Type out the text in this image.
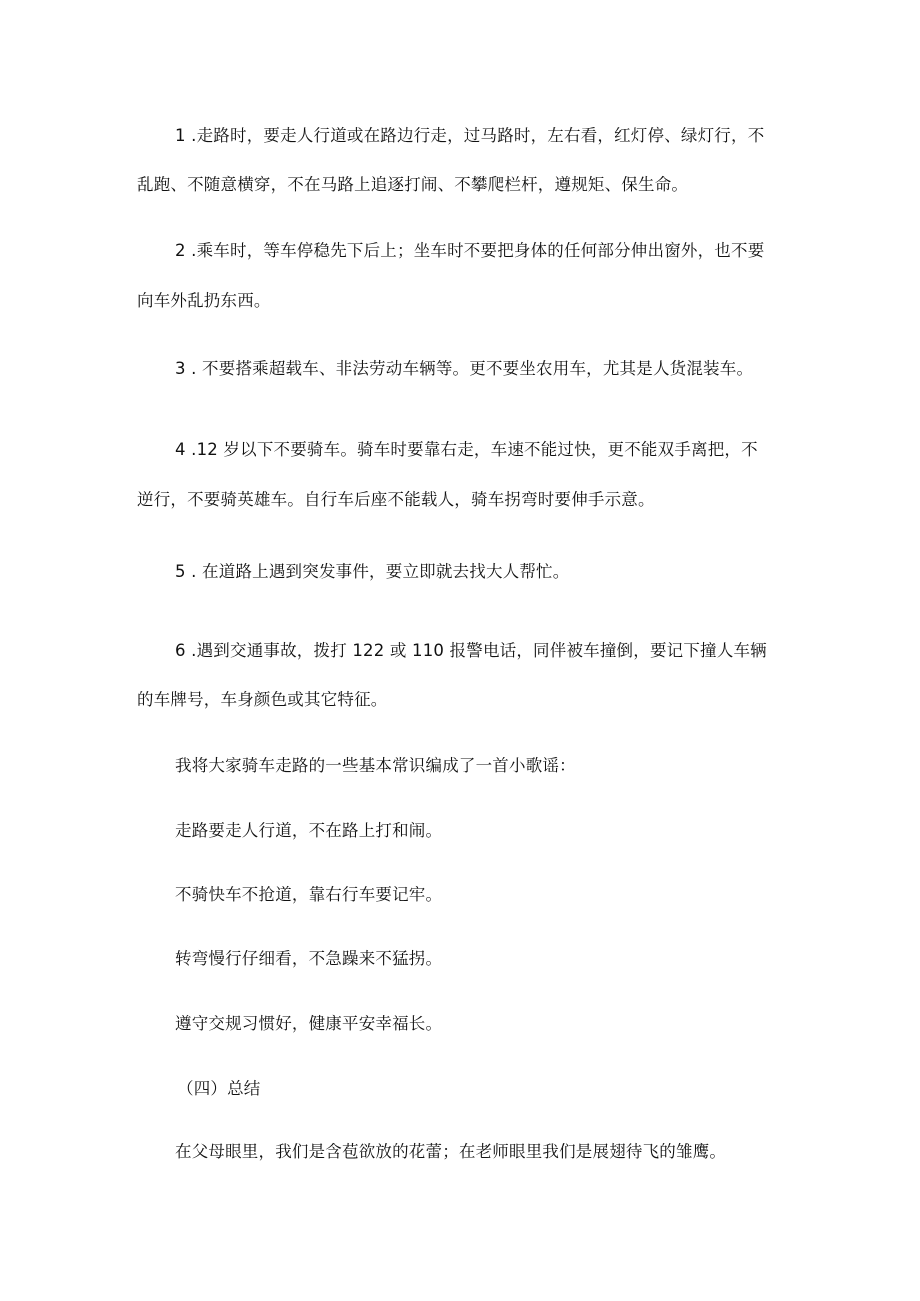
1 .走路时，要走人行道或在路边行走，过马路时，左右看，红灯停、绿灯行，不
乱跑、不随意横穿，不在马路上追逐打闹、不攀爬栏杆，遵规矩、保生命。
2 .乘车时，等车停稳先下后上；坐车时不要把身体的任何部分伸出窗外，也不要
向车外乱扔东西。
3 . 不要搭乘超载车、非法劳动车辆等。更不要坐农用车，尤其是人货混装车。
4 .12 岁以下不要骑车。骑车时要靠右走，车速不能过快，更不能双手离把，不
逆行，不要骑英雄车。自行车后座不能载人，骑车拐弯时要伸手示意。
5 . 在道路上遇到突发事件，要立即就去找大人帮忙。
6 .遇到交通事故，拨打 122 或 110 报警电话，同伴被车撞倒，要记下撞人车辆
的车牌号，车身颜色或其它特征。
我将大家骑车走路的一些基本常识编成了一首小歌谣：
走路要走人行道，不在路上打和闹。
不骑快车不抢道，靠右行车要记牢。
转弯慢行仔细看，不急躁来不猛拐。
遵守交规习惯好，健康平安幸福长。
（四）总结
在父母眼里，我们是含苞欲放的花蕾；在老师眼里我们是展翅待飞的雏鹰。
